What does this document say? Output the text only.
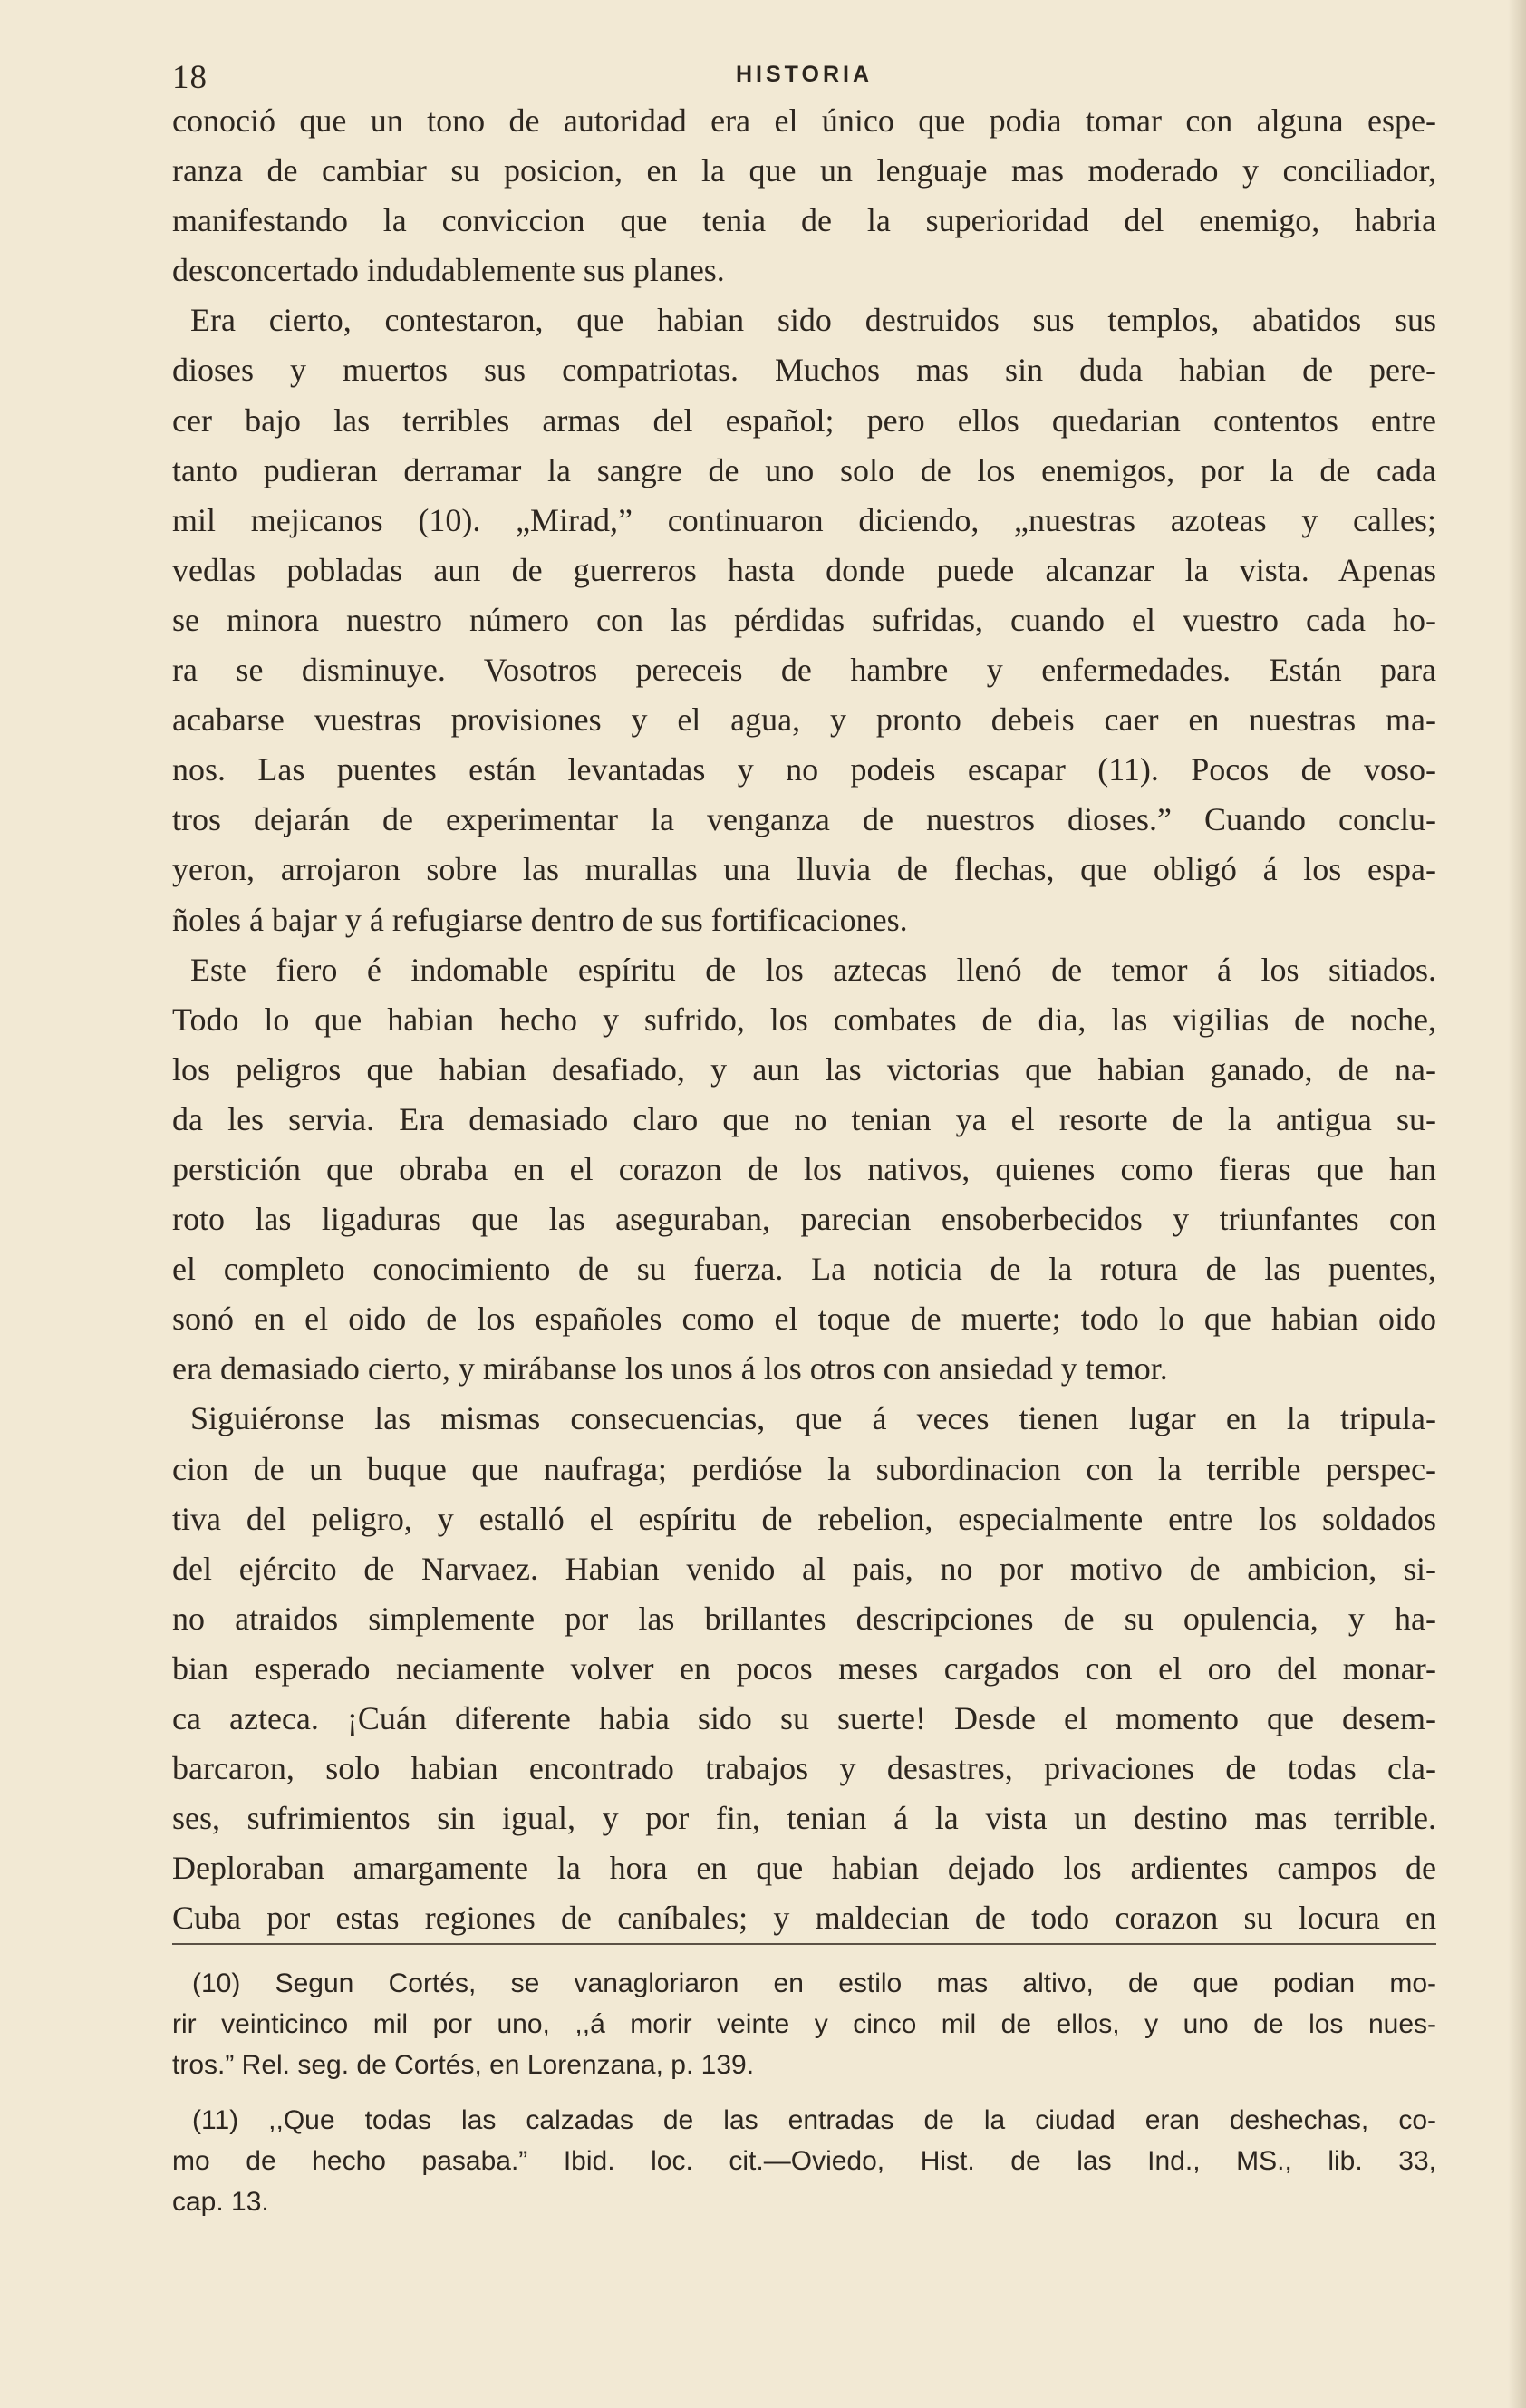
18	HISTORIA
conoció que un tono de autoridad era el único que podia tomar con alguna espe-
ranza de cambiar su posicion, en la que un lenguaje mas moderado y conciliador,
manifestando la conviccion que tenia de la superioridad del enemigo, habria
desconcertado indudablemente sus planes.
Era cierto, contestaron, que habian sido destruidos sus templos, abatidos sus
dioses y muertos sus compatriotas. Muchos mas sin duda habian de pere-
cer bajo las terribles armas del español; pero ellos quedarian contentos entre
tanto pudieran derramar la sangre de uno solo de los enemigos, por la de cada
mil mejicanos (10). „Mirad,” continuaron diciendo, „nuestras azoteas y calles;
vedlas pobladas aun de guerreros hasta donde puede alcanzar la vista. Apenas
se minora nuestro número con las pérdidas sufridas, cuando el vuestro cada ho-
ra se disminuye. Vosotros pereceis de hambre y enfermedades. Están para
acabarse vuestras provisiones y el agua, y pronto debeis caer en nuestras ma-
nos. Las puentes están levantadas y no podeis escapar (11). Pocos de voso-
tros dejarán de experimentar la venganza de nuestros dioses.” Cuando conclu-
yeron, arrojaron sobre las murallas una lluvia de flechas, que obligó á los espa-
ñoles á bajar y á refugiarse dentro de sus fortificaciones.
Este fiero é indomable espíritu de los aztecas llenó de temor á los sitiados.
Todo lo que habian hecho y sufrido, los combates de dia, las vigilias de noche,
los peligros que habian desafiado, y aun las victorias que habian ganado, de na-
da les servia. Era demasiado claro que no tenian ya el resorte de la antigua su-
perstición que obraba en el corazon de los nativos, quienes como fieras que han
roto las ligaduras que las aseguraban, parecian ensoberbecidos y triunfantes con
el completo conocimiento de su fuerza. La noticia de la rotura de las puentes,
sonó en el oido de los españoles como el toque de muerte; todo lo que habian oido
era demasiado cierto, y mirábanse los unos á los otros con ansiedad y temor.
Siguiéronse las mismas consecuencias, que á veces tienen lugar en la tripula-
cion de un buque que naufraga; perdióse la subordinacion con la terrible perspec-
tiva del peligro, y estalló el espíritu de rebelion, especialmente entre los soldados
del ejército de Narvaez. Habian venido al pais, no por motivo de ambicion, si-
no atraidos simplemente por las brillantes descripciones de su opulencia, y ha-
bian esperado neciamente volver en pocos meses cargados con el oro del monar-
ca azteca. ¡Cuán diferente habia sido su suerte! Desde el momento que desem-
barcaron, solo habian encontrado trabajos y desastres, privaciones de todas cla-
ses, sufrimientos sin igual, y por fin, tenian á la vista un destino mas terrible.
Deploraban amargamente la hora en que habian dejado los ardientes campos de
Cuba por estas regiones de caníbales; y maldecian de todo corazon su locura en
(10) Segun Cortés, se vanagloriaron en estilo mas altivo, de que podian mo-
rir veinticinco mil por uno, ,,á morir veinte y cinco mil de ellos, y uno de los nues-
tros.” Rel. seg. de Cortés, en Lorenzana, p. 139.
(11) ,,Que todas las calzadas de las entradas de la ciudad eran deshechas, co-
mo de hecho pasaba.” Ibid. loc. cit.—Oviedo, Hist. de las Ind., MS., lib. 33,
cap. 13.
